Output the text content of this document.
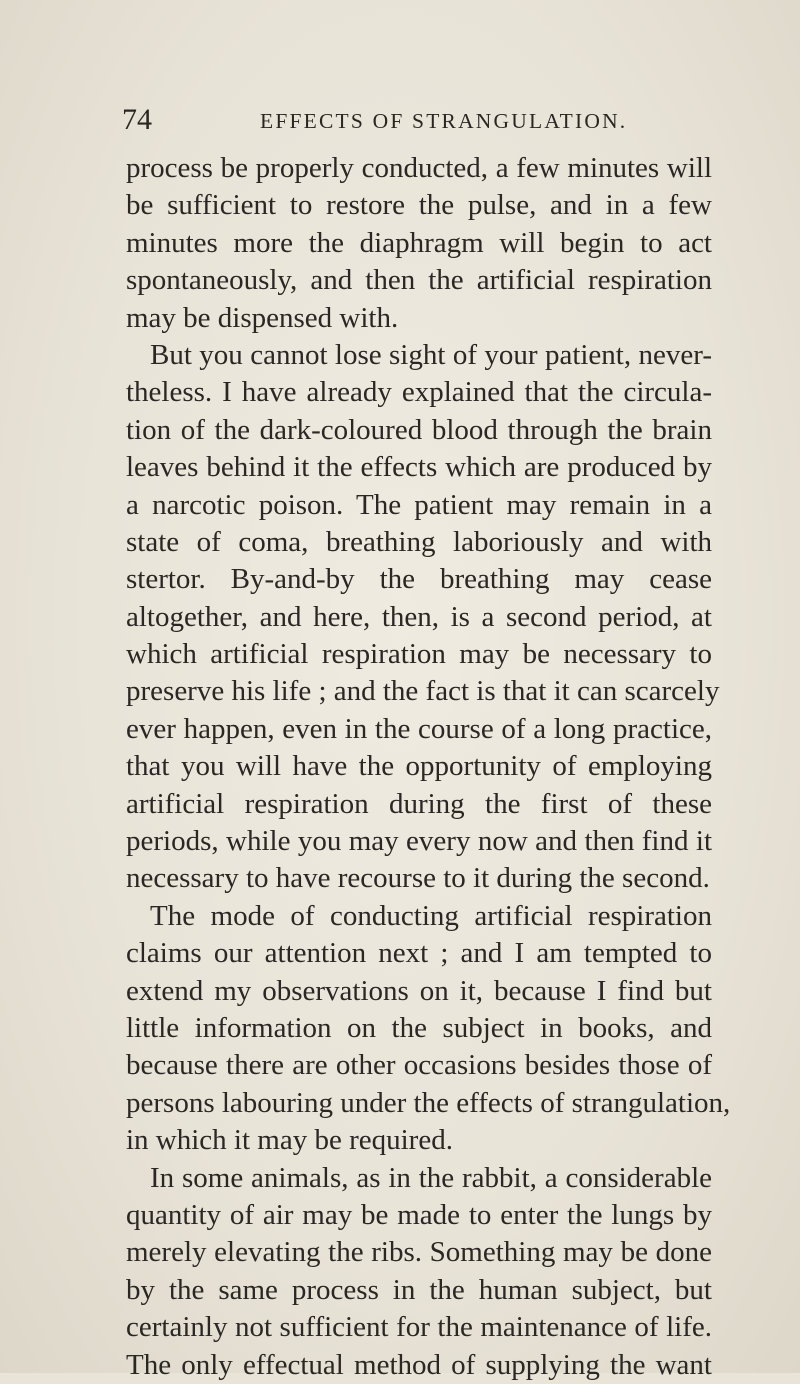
74	EFFECTS OF STRANGULATION.
process be properly conducted, a few minutes will
be sufficient to restore the pulse, and in a few
minutes more the diaphragm will begin to act
spontaneously, and then the artificial respiration
may be dispensed with.
But you cannot lose sight of your patient, never-
theless. I have already explained that the circula-
tion of the dark-coloured blood through the brain
leaves behind it the effects which are produced by
a narcotic poison. The patient may remain in a
state of coma, breathing laboriously and with
stertor. By-and-by the breathing may cease
altogether, and here, then, is a second period, at
which artificial respiration may be necessary to
preserve his life ; and the fact is that it can scarcely
ever happen, even in the course of a long practice,
that you will have the opportunity of employing
artificial respiration during the first of these
periods, while you may every now and then find it
necessary to have recourse to it during the second.
The mode of conducting artificial respiration
claims our attention next ; and I am tempted to
extend my observations on it, because I find but
little information on the subject in books, and
because there are other occasions besides those of
persons labouring under the effects of strangulation,
in which it may be required.
In some animals, as in the rabbit, a considerable
quantity of air may be made to enter the lungs by
merely elevating the ribs. Something may be done
by the same process in the human subject, but
certainly not sufficient for the maintenance of life.
The only effectual method of supplying the want
